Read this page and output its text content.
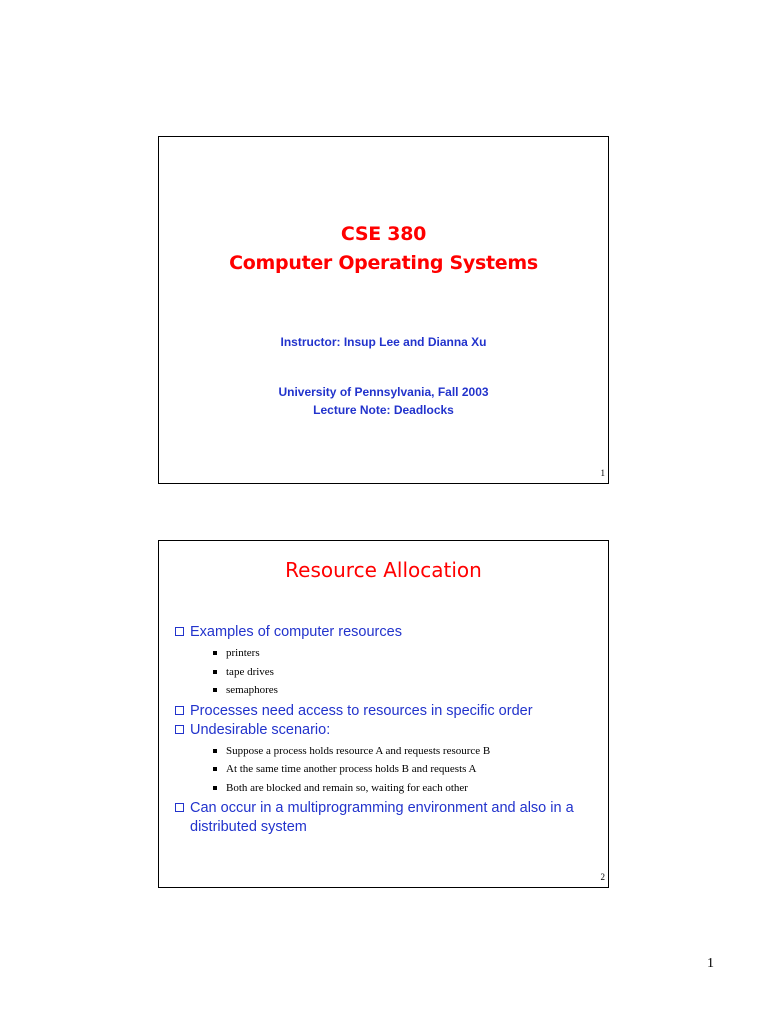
CSE 380
Computer Operating Systems
Instructor: Insup Lee and Dianna Xu
University of Pennsylvania, Fall 2003
Lecture Note: Deadlocks
1
Resource Allocation
Examples of computer resources
printers
tape drives
semaphores
Processes need access to resources in specific order
Undesirable scenario:
Suppose a process holds resource A and requests resource B
At the same time another process holds B and requests A
Both are blocked and remain so, waiting for each other
Can occur in a multiprogramming environment and also in a distributed system
2
1
